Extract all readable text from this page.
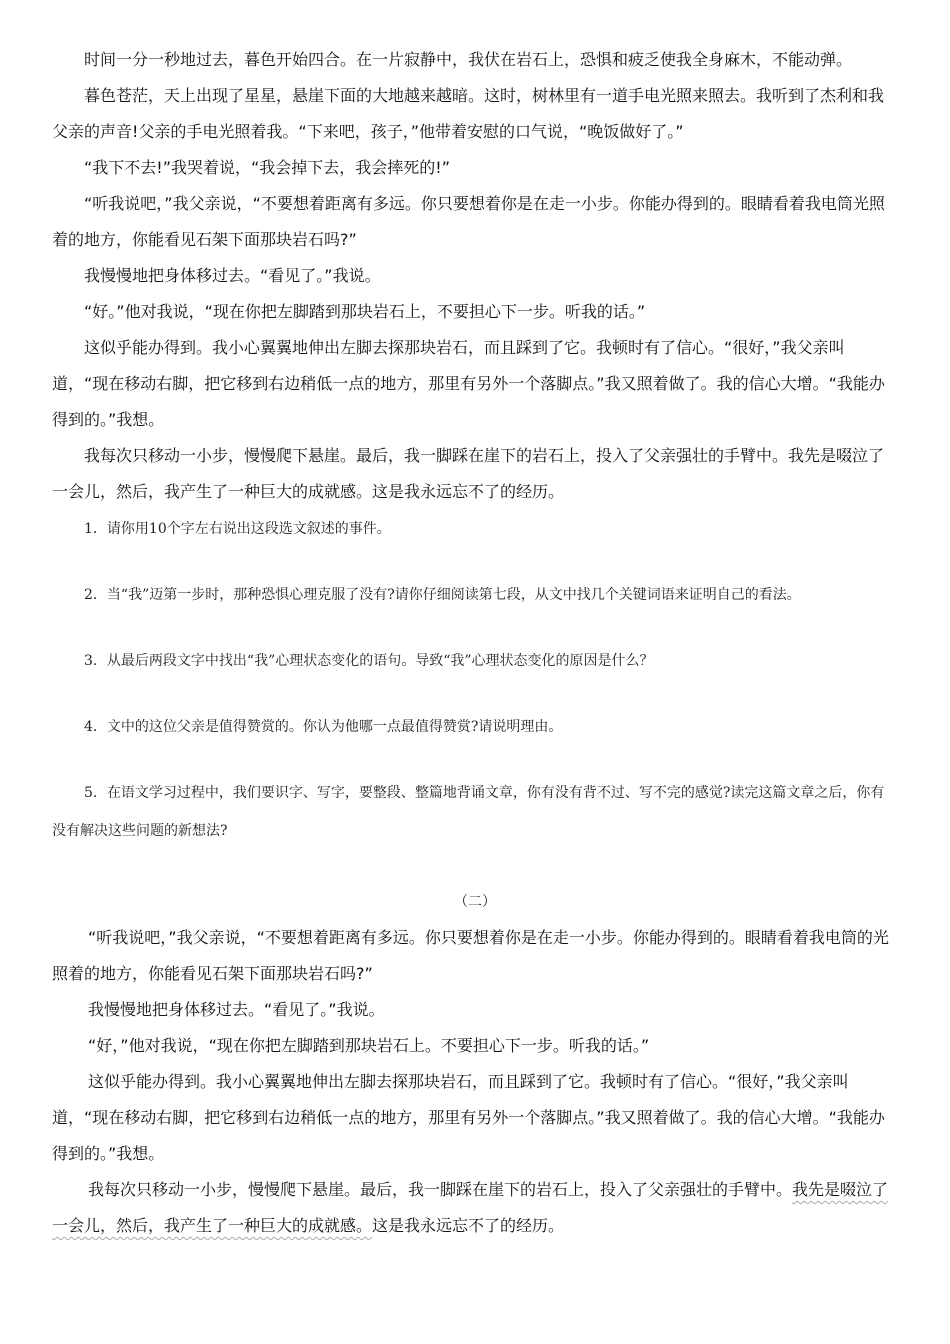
时间一分一秒地过去，暮色开始四合。在一片寂静中，我伏在岩石上，恐惧和疲乏使我全身麻木，不能动弹。

暮色苍茫，天上出现了星星，悬崖下面的大地越来越暗。这时，树林里有一道手电光照来照去。我听到了杰利和我父亲的声音!父亲的手电光照着我。“下来吧，孩子，”他带着安慰的口气说，“晚饭做好了。”

“我下不去!”我哭着说，“我会掉下去，我会摔死的!”

“听我说吧，”我父亲说，“不要想着距离有多远。你只要想着你是在走一小步。你能办得到的。眼睛看着我电筒光照着的地方，你能看见石架下面那块岩石吗?”

我慢慢地把身体移过去。“看见了。”我说。

“好。”他对我说，“现在你把左脚踏到那块岩石上，不要担心下一步。听我的话。”

这似乎能办得到。我小心翼翼地伸出左脚去探那块岩石，而且踩到了它。我顿时有了信心。“很好，”我父亲叫道，“现在移动右脚，把它移到右边稍低一点的地方，那里有另外一个落脚点。”我又照着做了。我的信心大增。“我能办得到的。”我想。

我每次只移动一小步，慢慢爬下悬崖。最后，我一脚踩在崖下的岩石上，投入了父亲强壮的手臂中。我先是啜泣了一会儿，然后，我产生了一种巨大的成就感。这是我永远忘不了的经历。

1．请你用10个字左右说出这段选文叙述的事件。

2．当“我”迈第一步时，那种恐惧心理克服了没有?请你仔细阅读第七段，从文中找几个关键词语来证明自己的看法。

3．从最后两段文字中找出“我”心理状态变化的语句。导致“我”心理状态变化的原因是什么？

4．文中的这位父亲是值得赞赏的。你认为他哪一点最值得赞赏?请说明理由。

5．在语文学习过程中，我们要识字、写字，要整段、整篇地背诵文章，你有没有背不过、写不完的感觉?读完这篇文章之后，你有没有解决这些问题的新想法?

（二）

“听我说吧，”我父亲说，“不要想着距离有多远。你只要想着你是在走一小步。你能办得到的。眼睛看着我电筒的光照着的地方，你能看见石架下面那块岩石吗?”

我慢慢地把身体移过去。“看见了。”我说。

“好，”他对我说，“现在你把左脚踏到那块岩石上。不要担心下一步。听我的话。”

这似乎能办得到。我小心翼翼地伸出左脚去探那块岩石，而且踩到了它。我顿时有了信心。“很好，”我父亲叫道，“现在移动右脚，把它移到右边稍低一点的地方，那里有另外一个落脚点。”我又照着做了。我的信心大增。“我能办得到的。”我想。

我每次只移动一小步，慢慢爬下悬崖。最后，我一脚踩在崖下的岩石上，投入了父亲强壮的手臂中。我先是啜泣了一会儿，然后，我产生了一种巨大的成就感。这是我永远忘不了的经历。
